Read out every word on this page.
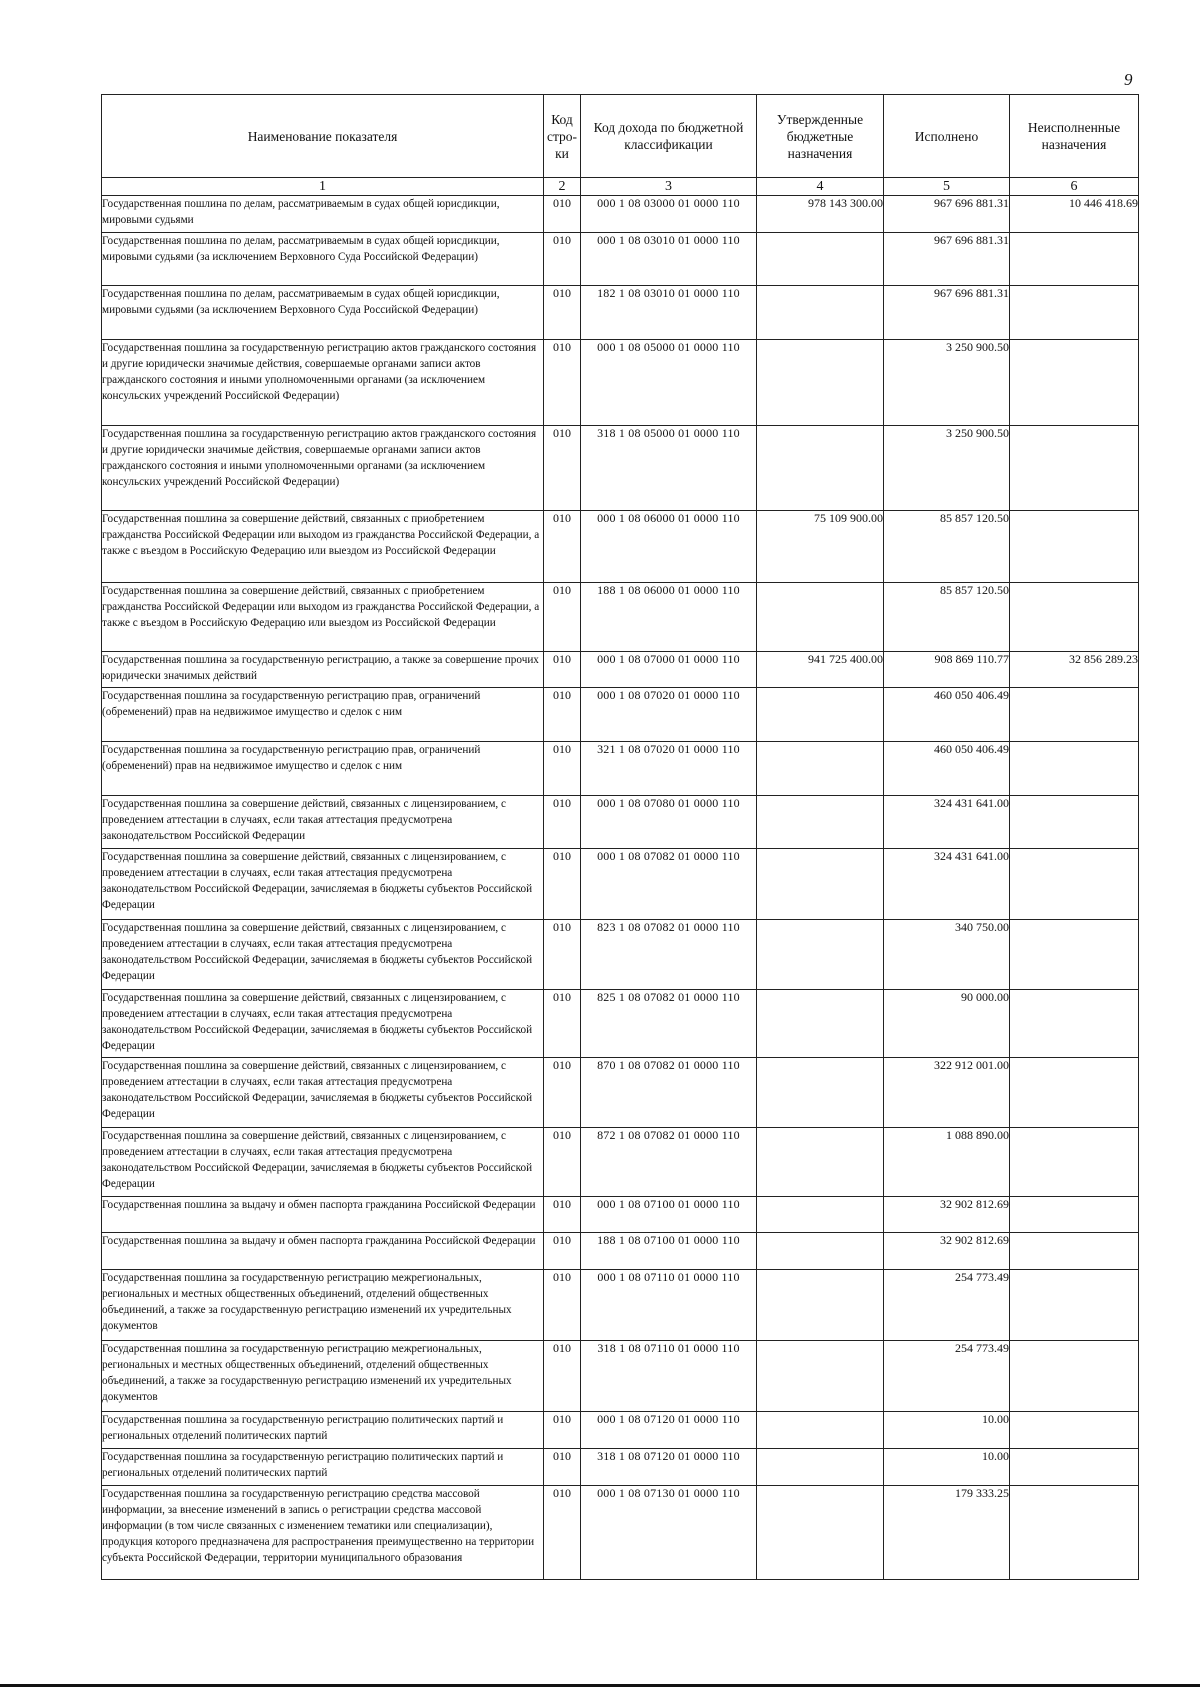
9
Наименование показателя	Код стро-ки	Код дохода по бюджетной классификации	Утвержденные бюджетные назначения	Исполнено	Неисполненные назначения
1	2	3	4	5	6
Государственная пошлина по делам, рассматриваемым в судах общей юрисдикции, мировыми судьями	010	000 1 08 03000 01 0000 110	978 143 300.00	967 696 881.31	10 446 418.69
Государственная пошлина по делам, рассматриваемым в судах общей юрисдикции, мировыми судьями (за исключением Верховного Суда Российской Федерации)	010	000 1 08 03010 01 0000 110		967 696 881.31	
Государственная пошлина по делам, рассматриваемым в судах общей юрисдикции, мировыми судьями (за исключением Верховного Суда Российской Федерации)	010	182 1 08 03010 01 0000 110		967 696 881.31	
Государственная пошлина за государственную регистрацию актов гражданского состояния и другие юридически значимые действия, совершаемые органами записи актов гражданского состояния и иными уполномоченными органами (за исключением консульских учреждений Российской Федерации)	010	000 1 08 05000 01 0000 110		3 250 900.50	
Государственная пошлина за государственную регистрацию актов гражданского состояния и другие юридически значимые действия, совершаемые органами записи актов гражданского состояния и иными уполномоченными органами (за исключением консульских учреждений Российской Федерации)	010	318 1 08 05000 01 0000 110		3 250 900.50	
Государственная пошлина за совершение действий, связанных с приобретением гражданства Российской Федерации или выходом из гражданства Российской Федерации, а также с въездом в Российскую Федерацию или выездом из Российской Федерации	010	000 1 08 06000 01 0000 110	75 109 900.00	85 857 120.50	
Государственная пошлина за совершение действий, связанных с приобретением гражданства Российской Федерации или выходом из гражданства Российской Федерации, а также с въездом в Российскую Федерацию или выездом из Российской Федерации	010	188 1 08 06000 01 0000 110		85 857 120.50	
Государственная пошлина за государственную регистрацию, а также за совершение прочих юридически значимых действий	010	000 1 08 07000 01 0000 110	941 725 400.00	908 869 110.77	32 856 289.23
Государственная пошлина за государственную регистрацию прав, ограничений (обременений) прав на недвижимое имущество и сделок с ним	010	000 1 08 07020 01 0000 110		460 050 406.49	
Государственная пошлина за государственную регистрацию прав, ограничений (обременений) прав на недвижимое имущество и сделок с ним	010	321 1 08 07020 01 0000 110		460 050 406.49	
Государственная пошлина за совершение действий, связанных с лицензированием, с проведением аттестации в случаях, если такая аттестация предусмотрена законодательством Российской Федерации	010	000 1 08 07080 01 0000 110		324 431 641.00	
Государственная пошлина за совершение действий, связанных с лицензированием, с проведением аттестации в случаях, если такая аттестация предусмотрена законодательством Российской Федерации, зачисляемая в бюджеты субъектов Российской Федерации	010	000 1 08 07082 01 0000 110		324 431 641.00	
Государственная пошлина за совершение действий, связанных с лицензированием, с проведением аттестации в случаях, если такая аттестация предусмотрена законодательством Российской Федерации, зачисляемая в бюджеты субъектов Российской Федерации	010	823 1 08 07082 01 0000 110		340 750.00	
Государственная пошлина за совершение действий, связанных с лицензированием, с проведением аттестации в случаях, если такая аттестация предусмотрена законодательством Российской Федерации, зачисляемая в бюджеты субъектов Российской Федерации	010	825 1 08 07082 01 0000 110		90 000.00	
Государственная пошлина за совершение действий, связанных с лицензированием, с проведением аттестации в случаях, если такая аттестация предусмотрена законодательством Российской Федерации, зачисляемая в бюджеты субъектов Российской Федерации	010	870 1 08 07082 01 0000 110		322 912 001.00	
Государственная пошлина за совершение действий, связанных с лицензированием, с проведением аттестации в случаях, если такая аттестация предусмотрена законодательством Российской Федерации, зачисляемая в бюджеты субъектов Российской Федерации	010	872 1 08 07082 01 0000 110		1 088 890.00	
Государственная пошлина за выдачу и обмен паспорта гражданина Российской Федерации	010	000 1 08 07100 01 0000 110		32 902 812.69	
Государственная пошлина за выдачу и обмен паспорта гражданина Российской Федерации	010	188 1 08 07100 01 0000 110		32 902 812.69	
Государственная пошлина за государственную регистрацию межрегиональных, региональных и местных общественных объединений, отделений общественных объединений, а также за государственную регистрацию изменений их учредительных документов	010	000 1 08 07110 01 0000 110		254 773.49	
Государственная пошлина за государственную регистрацию межрегиональных, региональных и местных общественных объединений, отделений общественных объединений, а также за государственную регистрацию изменений их учредительных документов	010	318 1 08 07110 01 0000 110		254 773.49	
Государственная пошлина за государственную регистрацию политических партий и региональных отделений политических партий	010	000 1 08 07120 01 0000 110		10.00	
Государственная пошлина за государственную регистрацию политических партий и региональных отделений политических партий	010	318 1 08 07120 01 0000 110		10.00	
Государственная пошлина за государственную регистрацию средства массовой информации, за внесение изменений в запись о регистрации средства массовой информации (в том числе связанных с изменением тематики или специализации), продукция которого предназначена для распространения преимущественно на территории субъекта Российской Федерации, территории муниципального образования	010	000 1 08 07130 01 0000 110		179 333.25	
